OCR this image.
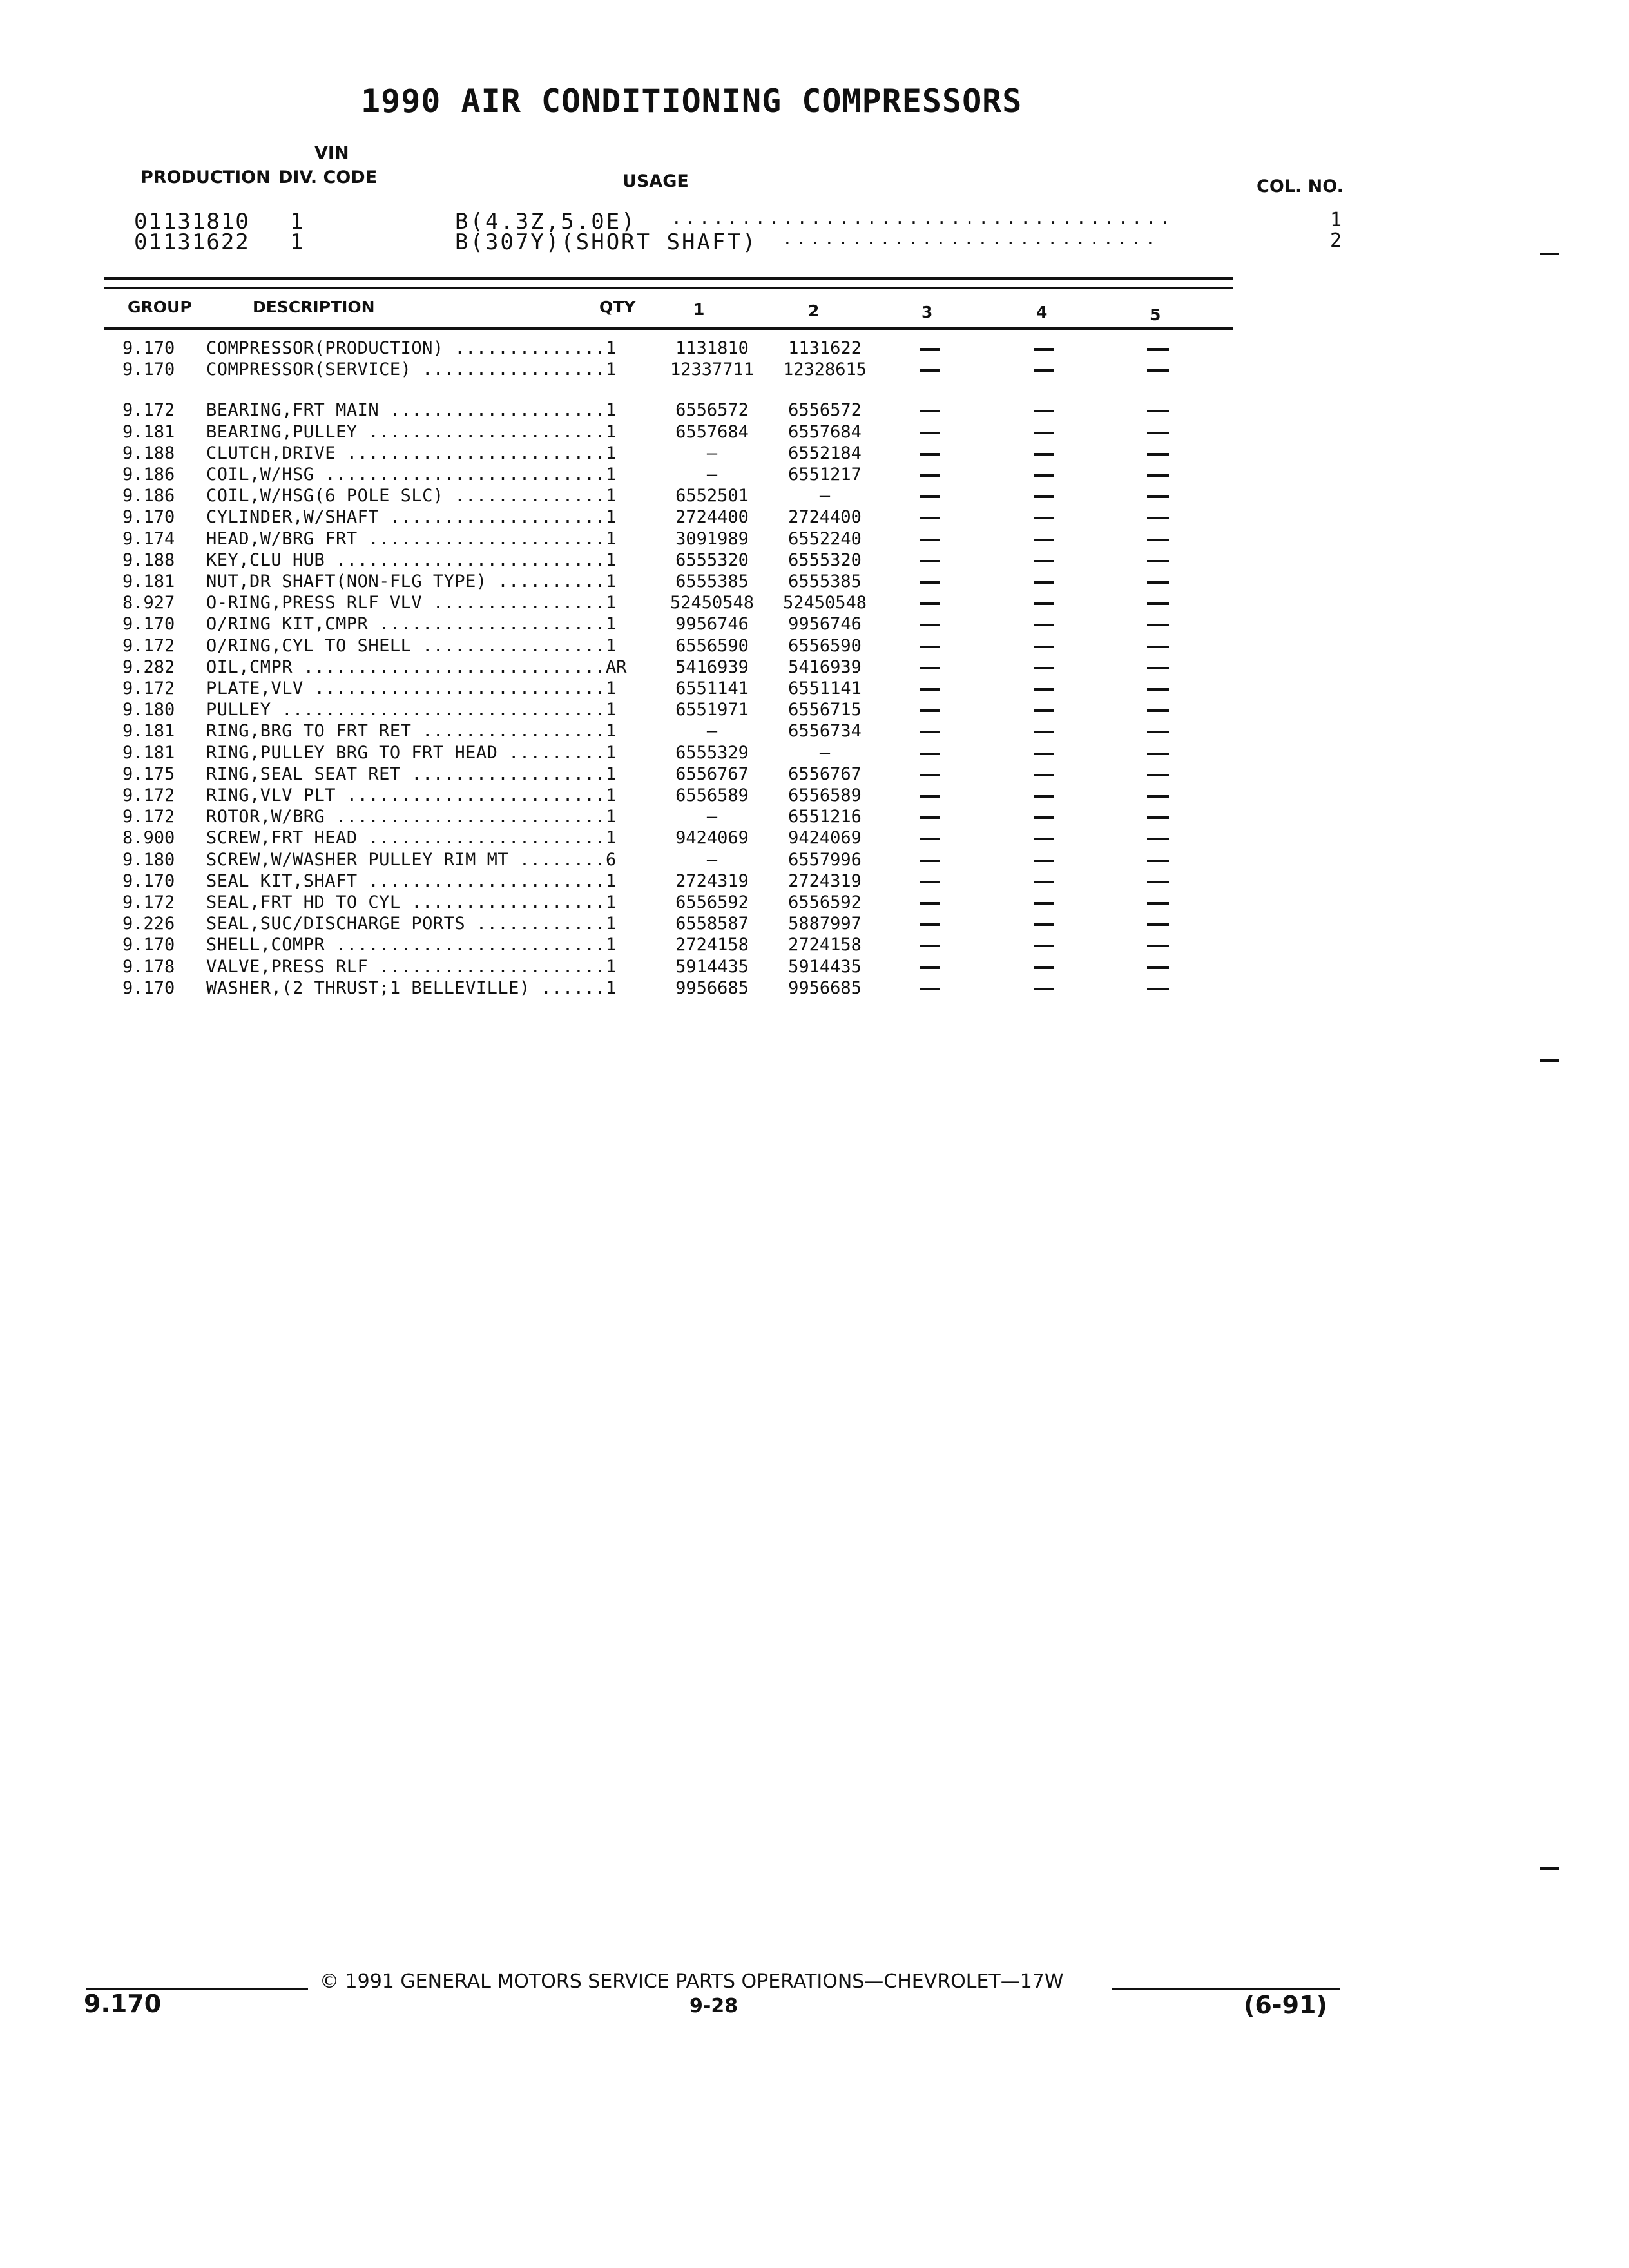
1990 AIR CONDITIONING COMPRESSORS
VIN
PRODUCTION DIV. CODE	USAGE	COL. NO.
01131810 1	B(4.3Z,5.0E) ....................................	1
01131622 1	B(307Y)(SHORT SHAFT) ...........................	2
GROUP	DESCRIPTION	QTY	1	2	3	4	5
9.170 COMPRESSOR(PRODUCTION) .....	1	1131810	1131622
9.170 COMPRESSOR(SERVICE) .....	1	12337711	12328615
9.172 BEARING,FRT MAIN .....	1	6556572	6556572
9.181 BEARING,PULLEY .....	1	6557684	6557684
9.188 CLUTCH,DRIVE .....	1	—	6552184
9.186 COIL,W/HSG .....	1	—	6551217
9.186 COIL,W/HSG(6 POLE SLC) .....	1	6552501	—
9.170 CYLINDER,W/SHAFT .....	1	2724400	2724400
9.174 HEAD,W/BRG FRT .....	1	3091989	6552240
9.188 KEY,CLU HUB .....	1	6555320	6555320
9.181 NUT,DR SHAFT(NON-FLG TYPE) .....	1	6555385	6555385
8.927 O-RING,PRESS RLF VLV .....	1	52450548	52450548
9.170 O/RING KIT,CMPR .....	1	9956746	9956746
9.172 O/RING,CYL TO SHELL .....	1	6556590	6556590
9.282 OIL,CMPR .....	AR	5416939	5416939
9.172 PLATE,VLV .....	1	6551141	6551141
9.180 PULLEY .....	1	6551971	6556715
9.181 RING,BRG TO FRT RET .....	1	—	6556734
9.181 RING,PULLEY BRG TO FRT HEAD .....	1	6555329	—
9.175 RING,SEAL SEAT RET .....	1	6556767	6556767
9.172 RING,VLV PLT .....	1	6556589	6556589
9.172 ROTOR,W/BRG .....	1	—	6551216
8.900 SCREW,FRT HEAD .....	1	9424069	9424069
9.180 SCREW,W/WASHER PULLEY RIM MT .....	6	—	6557996
9.170 SEAL KIT,SHAFT .....	1	2724319	2724319
9.172 SEAL,FRT HD TO CYL .....	1	6556592	6556592
9.226 SEAL,SUC/DISCHARGE PORTS .....	1	6558587	5887997
9.170 SHELL,COMPR .....	1	2724158	2724158
9.178 VALVE,PRESS RLF .....	1	5914435	5914435
9.170 WASHER,(2 THRUST;1 BELLEVILLE) .....	1	9956685	9956685
© 1991 GENERAL MOTORS SERVICE PARTS OPERATIONS—CHEVROLET—17W
9.170	9-28	(6-91)
